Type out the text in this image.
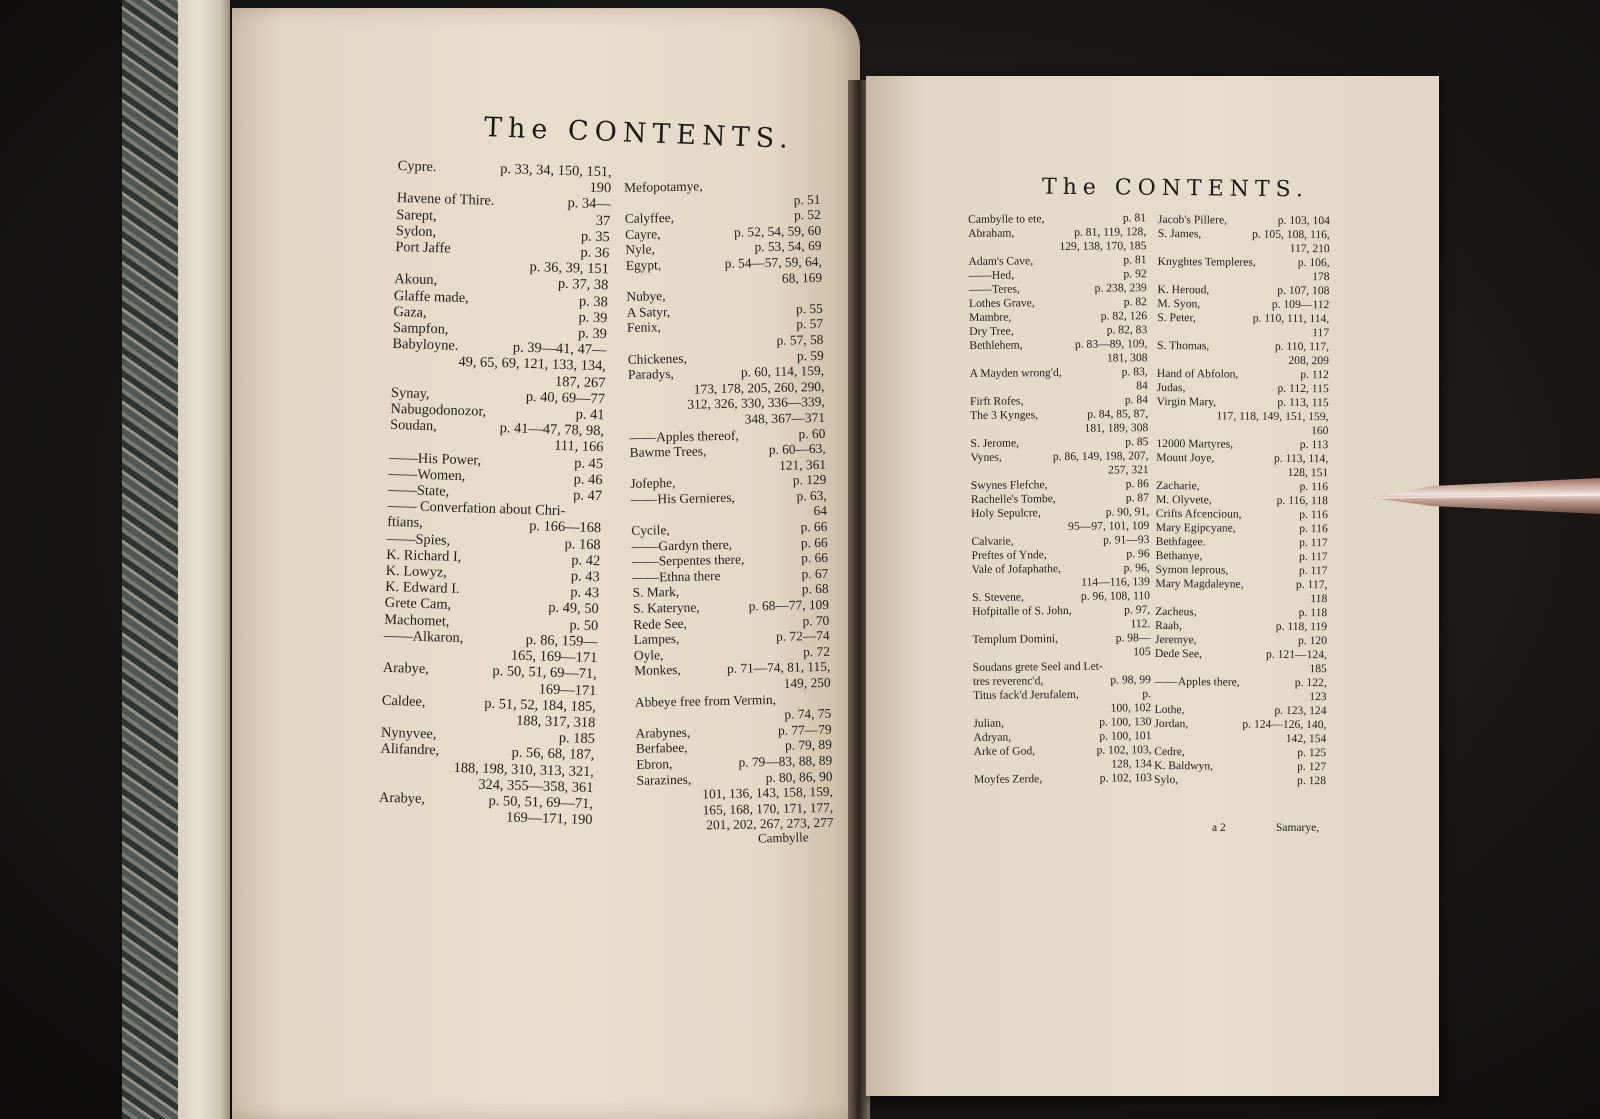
The CONTENTS.
The CONTENTS.
Cypre.	p. 33, 34, 150, 151,
190
Havene of Thire.	p. 34—
Sarept,	37
Sydon,	p. 35
Port Jaffe	p. 36
p. 36, 39, 151
Akoun,	p. 37, 38
Glaffe made,	p. 38
Gaza,	p. 39
Sampfon,	p. 39
Babyloyne.	p. 39—41, 47—
49, 65, 69, 121, 133, 134,
187, 267
Synay,	p. 40, 69—77
Nabugodonozor,	p. 41
Soudan,	p. 41—47, 78, 98,
111, 166
——His Power,	p. 45
——Women,	p. 46
——State,	p. 47
—— Converfation about Chri-
ftians,	p. 166—168
——Spies,	p. 168
K. Richard I,	p. 42
K. Lowyz,	p. 43
K. Edward I.	p. 43
Grete Cam,	p. 49, 50
Machomet,	p. 50
——Alkaron,	p. 86, 159—
165, 169—171
Arabye,	p. 50, 51, 69—71,
169—171
Caldee,	p. 51, 52, 184, 185,
188, 317, 318
Nynyvee,	p. 185
Alifandre,	p. 56, 68, 187,
188, 198, 310, 313, 321,
324, 355—358, 361
Arabye,	p. 50, 51, 69—71,
169—171, 190
Mefopotamye,
p. 51
Calyffee,	p. 52
Cayre,	p. 52, 54, 59, 60
Nyle,	p. 53, 54, 69
Egypt,	p. 54—57, 59, 64,
68, 169
Nubye,
A Satyr,	p. 55
Fenix,	p. 57
p. 57, 58
Chickenes,	p. 59
Paradys,	p. 60, 114, 159,
173, 178, 205, 260, 290,
312, 326, 330, 336—339,
348, 367—371
——Apples thereof,	p. 60
Bawme Trees,	p. 60—63,
121, 361
Jofephe,	p. 129
——His Gernieres,	p. 63,
64
Cycile,	p. 66
——Gardyn there,	p. 66
——Serpentes there,	p. 66
——Ethna there	p. 67
S. Mark,	p. 68
S. Kateryne,	p. 68—77, 109
Rede See,	p. 70
Lampes,	p. 72—74
Oyle,	p. 72
Monkes,	p. 71—74, 81, 115,
149, 250
Abbeye free from Vermin,
p. 74, 75
Arabynes,	p. 77—79
Berfabee,	p. 79, 89
Ebron,	p. 79—83, 88, 89
Sarazines,	p. 80, 86, 90
101, 136, 143, 158, 159,
165, 168, 170, 171, 177,
201, 202, 267, 273, 277
Cambylle to ete,	p. 81
Abraham,	p. 81, 119, 128,
129, 138, 170, 185
Adam's Cave,	p. 81
——Hed,	p. 92
——Teres,	p. 238, 239
Lothes Grave,	p. 82
Mambre,	p. 82, 126
Dry Tree,	p. 82, 83
Bethlehem,	p. 83—89, 109,
181, 308
A Mayden wrong'd,	p. 83,
84
Firft Rofes,	p. 84
The 3 Kynges,	p. 84, 85, 87,
181, 189, 308
S. Jerome,	p. 85
Vynes,	p. 86, 149, 198, 207,
257, 321
Swynes Flefche,	p. 86
Rachelle's Tombe,	p. 87
Holy Sepulcre,	p. 90, 91,
95—97, 101, 109
Calvarie,	p. 91—93
Preftes of Ynde,	p. 96
Vale of Jofaphathe,	p. 96,
114—116, 139
S. Stevene,	p. 96, 108, 110
Hofpitalle of S. John,	p. 97,
112.
Templum Domini,	p. 98—
105
Soudans grete Seel and Let-
tres reverenc'd,	p. 98, 99
Titus fack'd Jerufalem,	p.
100, 102
Julian,	p. 100, 130
Adryan,	p. 100, 101
Arke of God,	p. 102, 103,
128, 134
Moyfes Zerde,	p. 102, 103
Jacob's Pillere,	p. 103, 104
S. James,	p. 105, 108, 116,
117, 210
Knyghtes Templeres,	p. 106,
178
K. Heroud,	p. 107, 108
M. Syon,	p. 109—112
S. Peter,	p. 110, 111, 114,
117
S. Thomas,	p. 110, 117,
208, 209
Hand of Abfolon,	p. 112
Judas,	p. 112, 115
Virgin Mary,	p. 113, 115
117, 118, 149, 151, 159,
160
12000 Martyres,	p. 113
Mount Joye,	p. 113, 114,
128, 151
Zacharie,	p. 116
M. Olyvete,	p. 116, 118
Crifts Afcencioun,	p. 116
Mary Egipcyane,	p. 116
Bethfagee.	p. 117
Bethanye,	p. 117
Symon leprous,	p. 117
Mary Magdaleyne,	p. 117,
118
Zacheus,	p. 118
Raab,	p. 118, 119
Jeremye,	p. 120
Dede See,	p. 121—124,
185
——Apples there,	p. 122,
123
Lothe,	p. 123, 124
Jordan,	p. 124—126, 140,
142, 154
Cedre,	p. 125
K. Baldwyn,	p. 127
Sylo,	p. 128
Cambylle
a 2	Samarye,
